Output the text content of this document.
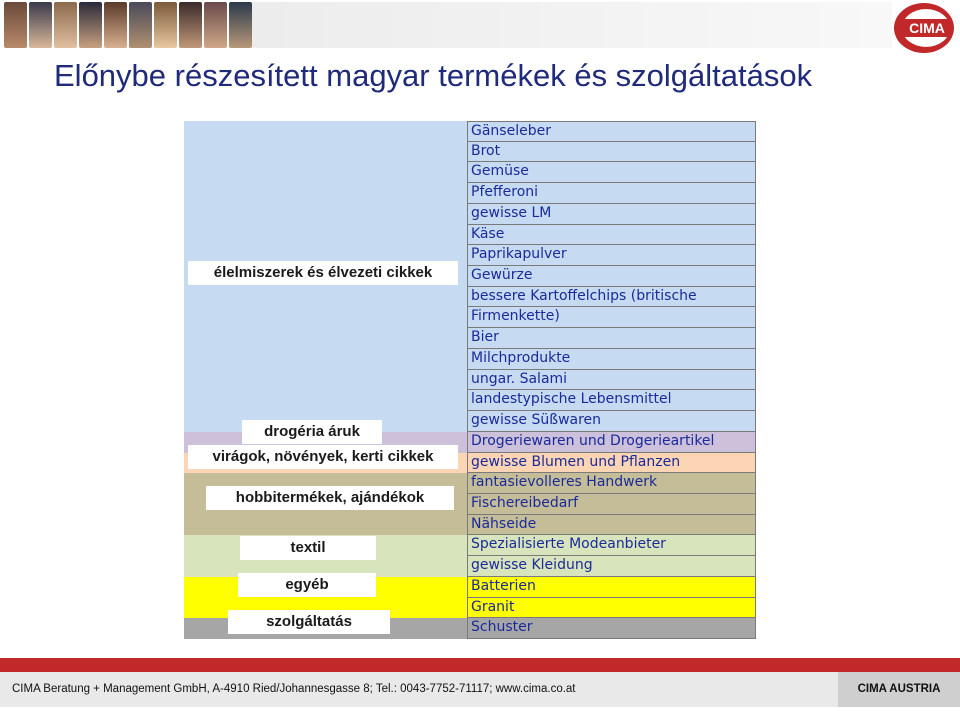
CIMA
Előnybe részesített magyar termékek és szolgáltatások
Gänseleber
Brot
Gemüse
Pfefferoni
gewisse LM
Käse
Paprikapulver
Gewürze
bessere Kartoffelchips (britische
Firmenkette)
Bier
Milchprodukte
ungar. Salami
landestypische Lebensmittel
gewisse Süßwaren
Drogeriewaren und Drogerieartikel
gewisse Blumen und Pflanzen
fantasievolleres Handwerk
Fischereibedarf
Nähseide
Spezialisierte Modeanbieter
gewisse Kleidung
Batterien
Granit
Schuster
élelmiszerek és élvezeti cikkek
drogéria áruk
virágok, növények, kerti cikkek
hobbitermékek, ajándékok
textil
egyéb
szolgáltatás
CIMA Beratung + Management GmbH, A-4910 Ried/Johannesgasse 8; Tel.: 0043-7752-71117; www.cima.co.at	CIMA AUSTRIA
